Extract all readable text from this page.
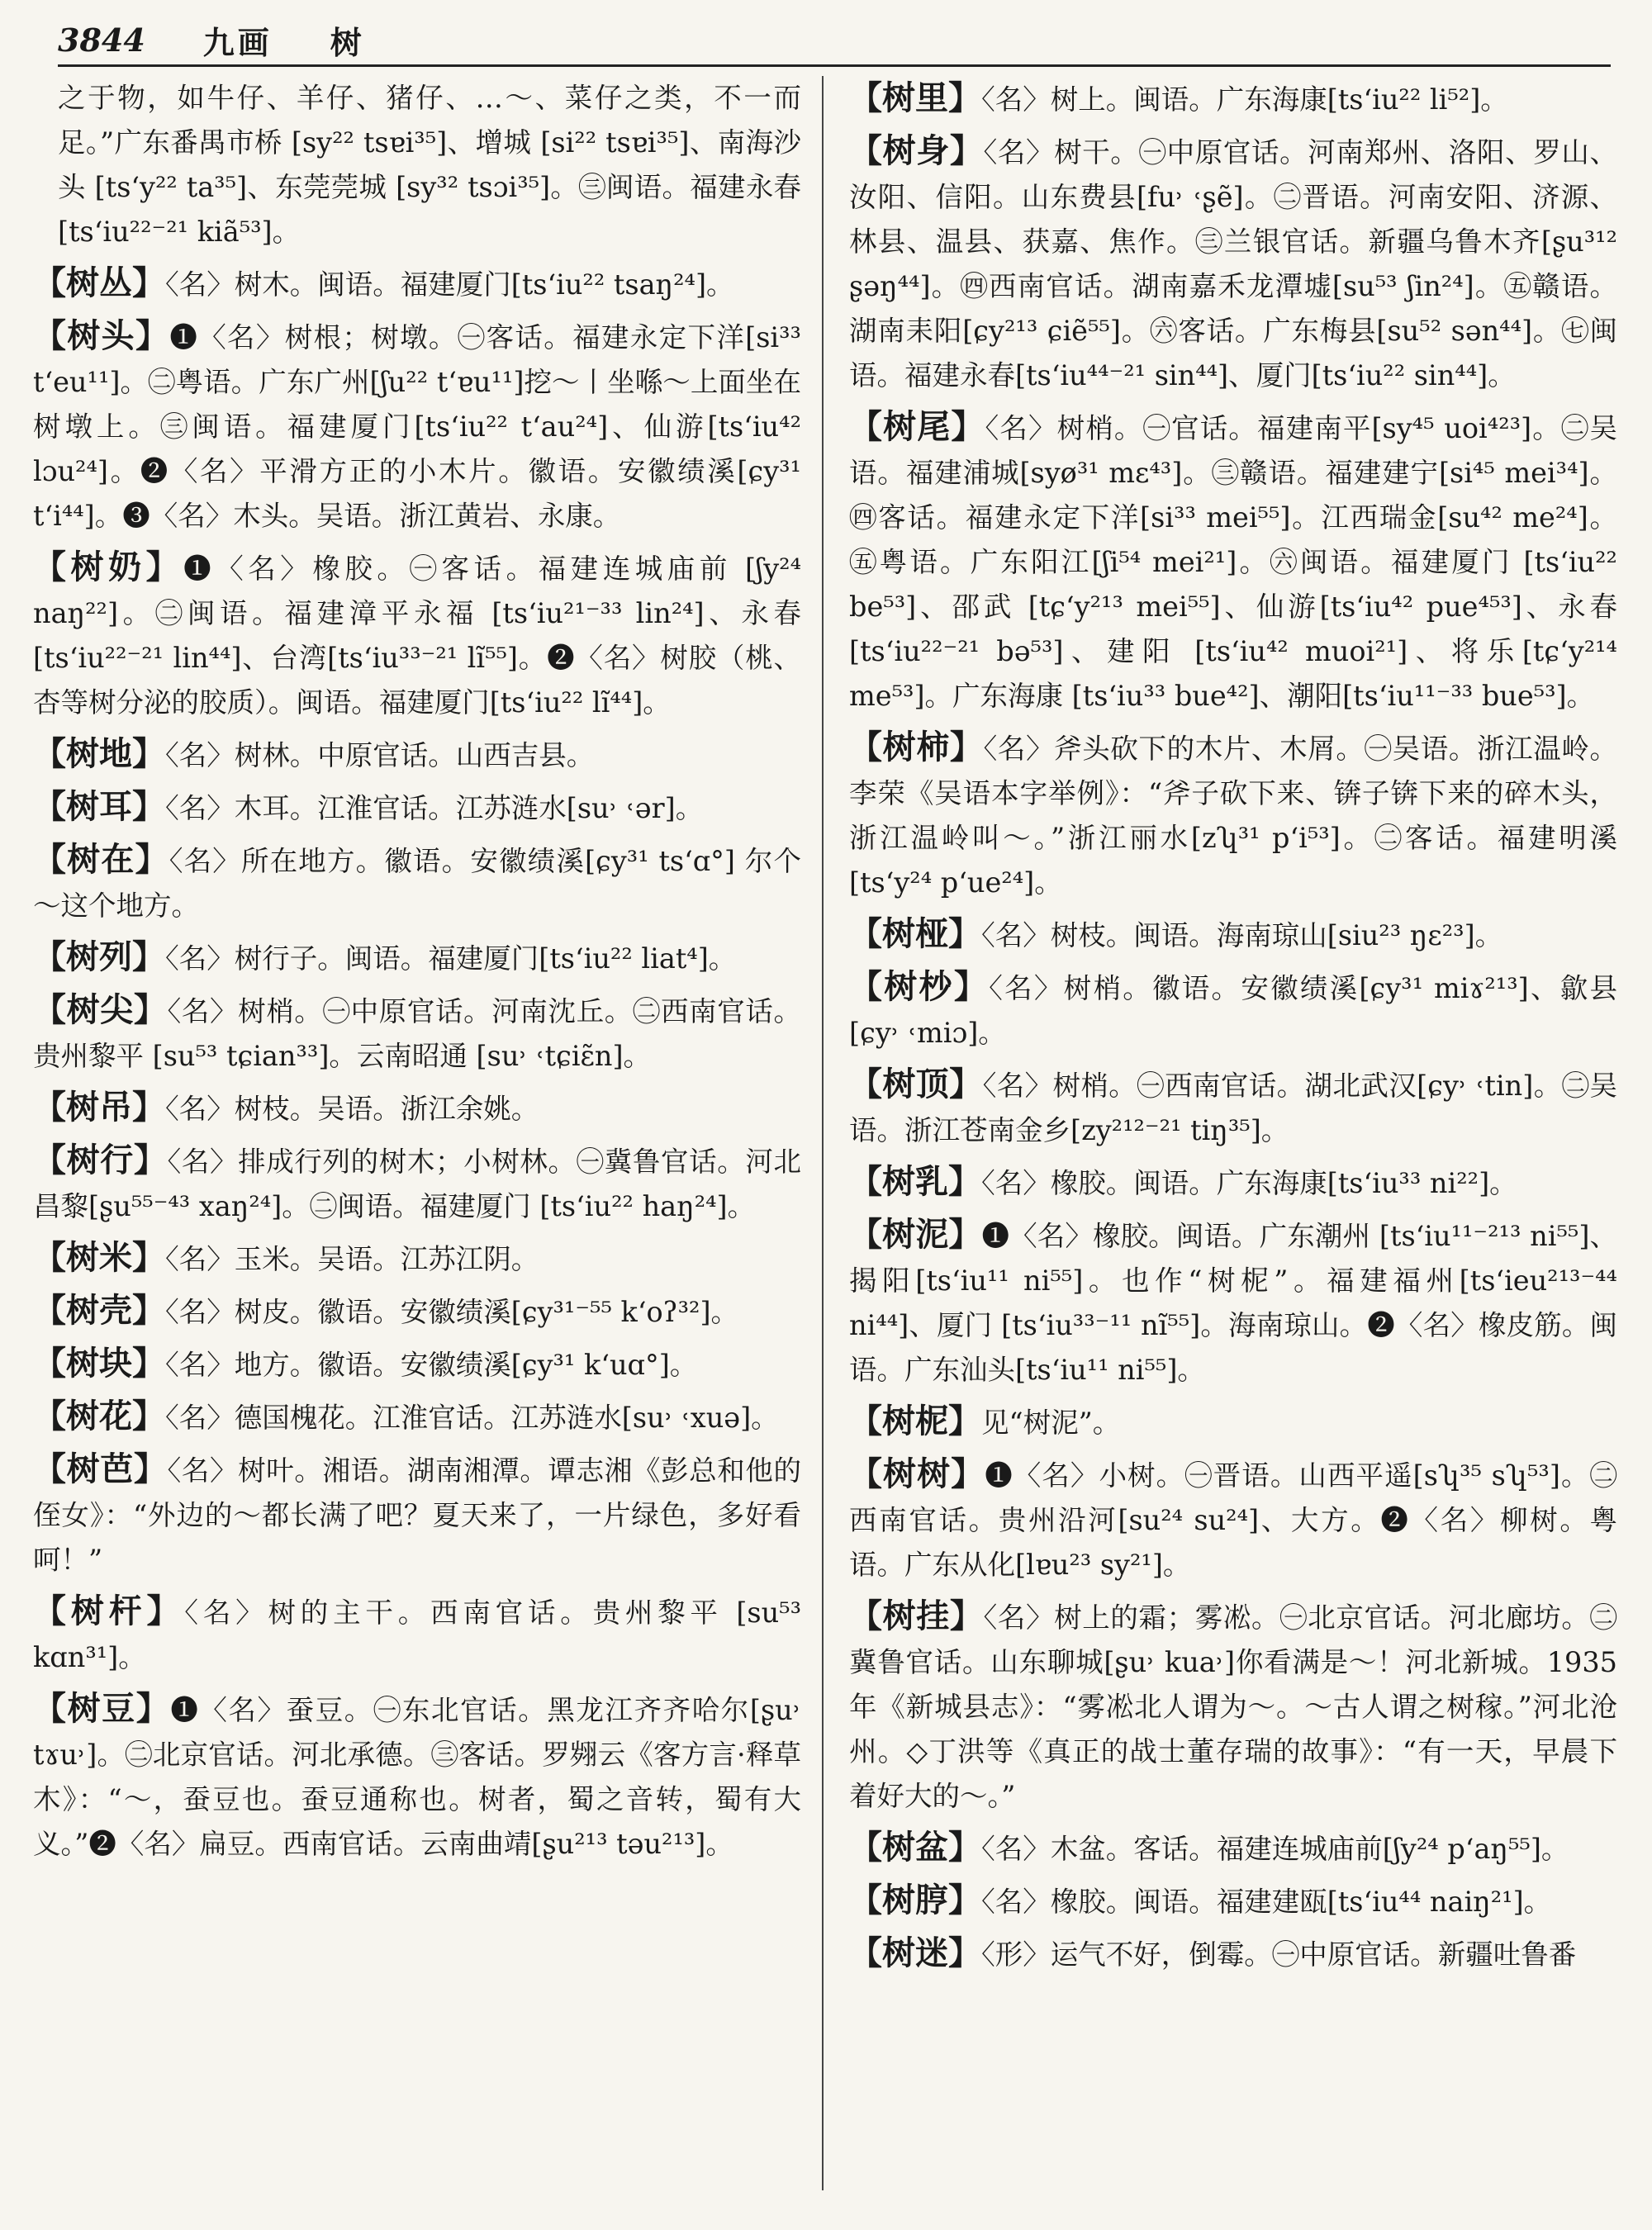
3844 九画 树

之于物，如牛仔、羊仔、猪仔、…～、菜仔之类，不一而足。”广东番禺市桥 [sy²² tsɐi³⁵]、增城 [si²² tsɐi³⁵]、南海沙头 [ts‘y²² ta³⁵]、东莞莞城 [sy³² tsɔi³⁵]。㊂闽语。福建永春[ts‘iu²²⁻²¹ kiã⁵³]。

【树丛】〈名〉树木。闽语。福建厦门[ts‘iu²² tsaŋ²⁴]。

【树头】❶〈名〉树根；树墩。㊀客话。福建永定下洋[si³³ t‘eu¹¹]。㊁粤语。广东广州[ʃu²² t‘ɐu¹¹]挖～丨坐喺～上面坐在树墩上。㊂闽语。福建厦门[ts‘iu²² t‘au²⁴]、仙游[ts‘iu⁴² lɔu²⁴]。❷〈名〉平滑方正的小木片。徽语。安徽绩溪[ɕy³¹ t‘i⁴⁴]。❸〈名〉木头。吴语。浙江黄岩、永康。

【树奶】❶〈名〉橡胶。㊀客话。福建连城庙前 [ʃy²⁴ naŋ²²]。㊁闽语。福建漳平永福 [ts‘iu²¹⁻³³ lin²⁴]、永春[ts‘iu²²⁻²¹ lin⁴⁴]、台湾[ts‘iu³³⁻²¹ lĩ⁵⁵]。❷〈名〉树胶（桃、杏等树分泌的胶质）。闽语。福建厦门[ts‘iu²² lĩ⁴⁴]。

【树地】〈名〉树林。中原官话。山西吉县。

【树耳】〈名〉木耳。江淮官话。江苏涟水[su˒ ˓ər]。

【树在】〈名〉所在地方。徽语。安徽绩溪[ɕy³¹ ts‘ɑ°] 尔个～这个地方。

【树列】〈名〉树行子。闽语。福建厦门[ts‘iu²² liat⁴]。

【树尖】〈名〉树梢。㊀中原官话。河南沈丘。㊁西南官话。贵州黎平 [su⁵³ tɕian³³]。云南昭通 [su˒ ˓tɕiɛ̃n]。

【树吊】〈名〉树枝。吴语。浙江余姚。

【树行】〈名〉排成行列的树木；小树林。㊀冀鲁官话。河北昌黎[ʂu⁵⁵⁻⁴³ xaŋ²⁴]。㊁闽语。福建厦门 [ts‘iu²² haŋ²⁴]。

【树米】〈名〉玉米。吴语。江苏江阴。

【树壳】〈名〉树皮。徽语。安徽绩溪[ɕy³¹⁻⁵⁵ k‘oʔ³²]。

【树块】〈名〉地方。徽语。安徽绩溪[ɕy³¹ k‘uɑ°]。

【树花】〈名〉德国槐花。江淮官话。江苏涟水[su˒ ˓xuə]。

【树芭】〈名〉树叶。湘语。湖南湘潭。谭志湘《彭总和他的侄女》：“外边的～都长满了吧？夏天来了，一片绿色，多好看呵！”

【树杆】〈名〉树的主干。西南官话。贵州黎平 [su⁵³ kɑn³¹]。

【树豆】❶〈名〉蚕豆。㊀东北官话。黑龙江齐齐哈尔[ʂu˒ tɤu˒]。㊁北京官话。河北承德。㊂客话。罗翙云《客方言·释草木》：“～，蚕豆也。蚕豆通称也。树者，蜀之音转，蜀有大义。”❷〈名〉扁豆。西南官话。云南曲靖[ʂu²¹³ təu²¹³]。

【树里】〈名〉树上。闽语。广东海康[ts‘iu²² li⁵²]。

【树身】〈名〉树干。㊀中原官话。河南郑州、洛阳、罗山、汝阳、信阳。山东费县[fu˒ ˓ʂẽ]。㊁晋语。河南安阳、济源、林县、温县、获嘉、焦作。㊂兰银官话。新疆乌鲁木齐[ʂu³¹² ʂəŋ⁴⁴]。㊃西南官话。湖南嘉禾龙潭墟[su⁵³ ʃin²⁴]。㊄赣语。湖南耒阳[ɕy²¹³ ɕiẽ⁵⁵]。㊅客话。广东梅县[su⁵² sən⁴⁴]。㊆闽语。福建永春[ts‘iu⁴⁴⁻²¹ sin⁴⁴]、厦门[ts‘iu²² sin⁴⁴]。

【树尾】〈名〉树梢。㊀官话。福建南平[sy⁴⁵ uoi⁴²³]。㊁吴语。福建浦城[syø³¹ mɛ⁴³]。㊂赣语。福建建宁[si⁴⁵ mei³⁴]。㊃客话。福建永定下洋[si³³ mei⁵⁵]。江西瑞金[su⁴² me²⁴]。㊄粤语。广东阳江[ʃi⁵⁴ mei²¹]。㊅闽语。福建厦门 [ts‘iu²² be⁵³]、邵武 [tɕ‘y²¹³ mei⁵⁵]、仙游[ts‘iu⁴² pue⁴⁵³]、永春[ts‘iu²²⁻²¹ bə⁵³]、建阳 [ts‘iu⁴² muoi²¹]、将乐[tɕ‘y²¹⁴ me⁵³]。广东海康 [ts‘iu³³ bue⁴²]、潮阳[ts‘iu¹¹⁻³³ bue⁵³]。

【树柿】〈名〉斧头砍下的木片、木屑。㊀吴语。浙江温岭。李荣《吴语本字举例》：“斧子砍下来、锛子锛下来的碎木头，浙江温岭叫～。”浙江丽水[zʮ³¹ p‘i⁵³]。㊁客话。福建明溪[ts‘y²⁴ p‘ue²⁴]。

【树桠】〈名〉树枝。闽语。海南琼山[siu²³ ŋɛ²³]。

【树杪】〈名〉树梢。徽语。安徽绩溪[ɕy³¹ miɤ²¹³]、歙县[ɕy˒ ˓miɔ]。

【树顶】〈名〉树梢。㊀西南官话。湖北武汉[ɕy˒ ˓tin]。㊁吴语。浙江苍南金乡[zy²¹²⁻²¹ tiŋ³⁵]。

【树乳】〈名〉橡胶。闽语。广东海康[ts‘iu³³ ni²²]。

【树泥】❶〈名〉橡胶。闽语。广东潮州 [ts‘iu¹¹⁻²¹³ ni⁵⁵]、揭阳[ts‘iu¹¹ ni⁵⁵]。也作“树柅”。福建福州[ts‘ieu²¹³⁻⁴⁴ ni⁴⁴]、厦门 [ts‘iu³³⁻¹¹ nĩ⁵⁵]。海南琼山。❷〈名〉橡皮筋。闽语。广东汕头[ts‘iu¹¹ ni⁵⁵]。

【树柅】见“树泥”。

【树树】❶〈名〉小树。㊀晋语。山西平遥[sʮ³⁵ sʮ⁵³]。㊁西南官话。贵州沿河[su²⁴ su²⁴]、大方。❷〈名〉柳树。粤语。广东从化[lɐu²³ sy²¹]。

【树挂】〈名〉树上的霜；雾凇。㊀北京官话。河北廊坊。㊁冀鲁官话。山东聊城[ʂu˒ kua˒]你看满是～！河北新城。1935年《新城县志》：“雾凇北人谓为～。～古人谓之树稼。”河北沧州。◇丁洪等《真正的战士董存瑞的故事》：“有一天，早晨下着好大的～。”

【树盆】〈名〉木盆。客话。福建连城庙前[ʃy²⁴ p‘aŋ⁵⁵]。

【树脝】〈名〉橡胶。闽语。福建建瓯[ts‘iu⁴⁴ naiŋ²¹]。

【树迷】〈形〉运气不好，倒霉。㊀中原官话。新疆吐鲁番
